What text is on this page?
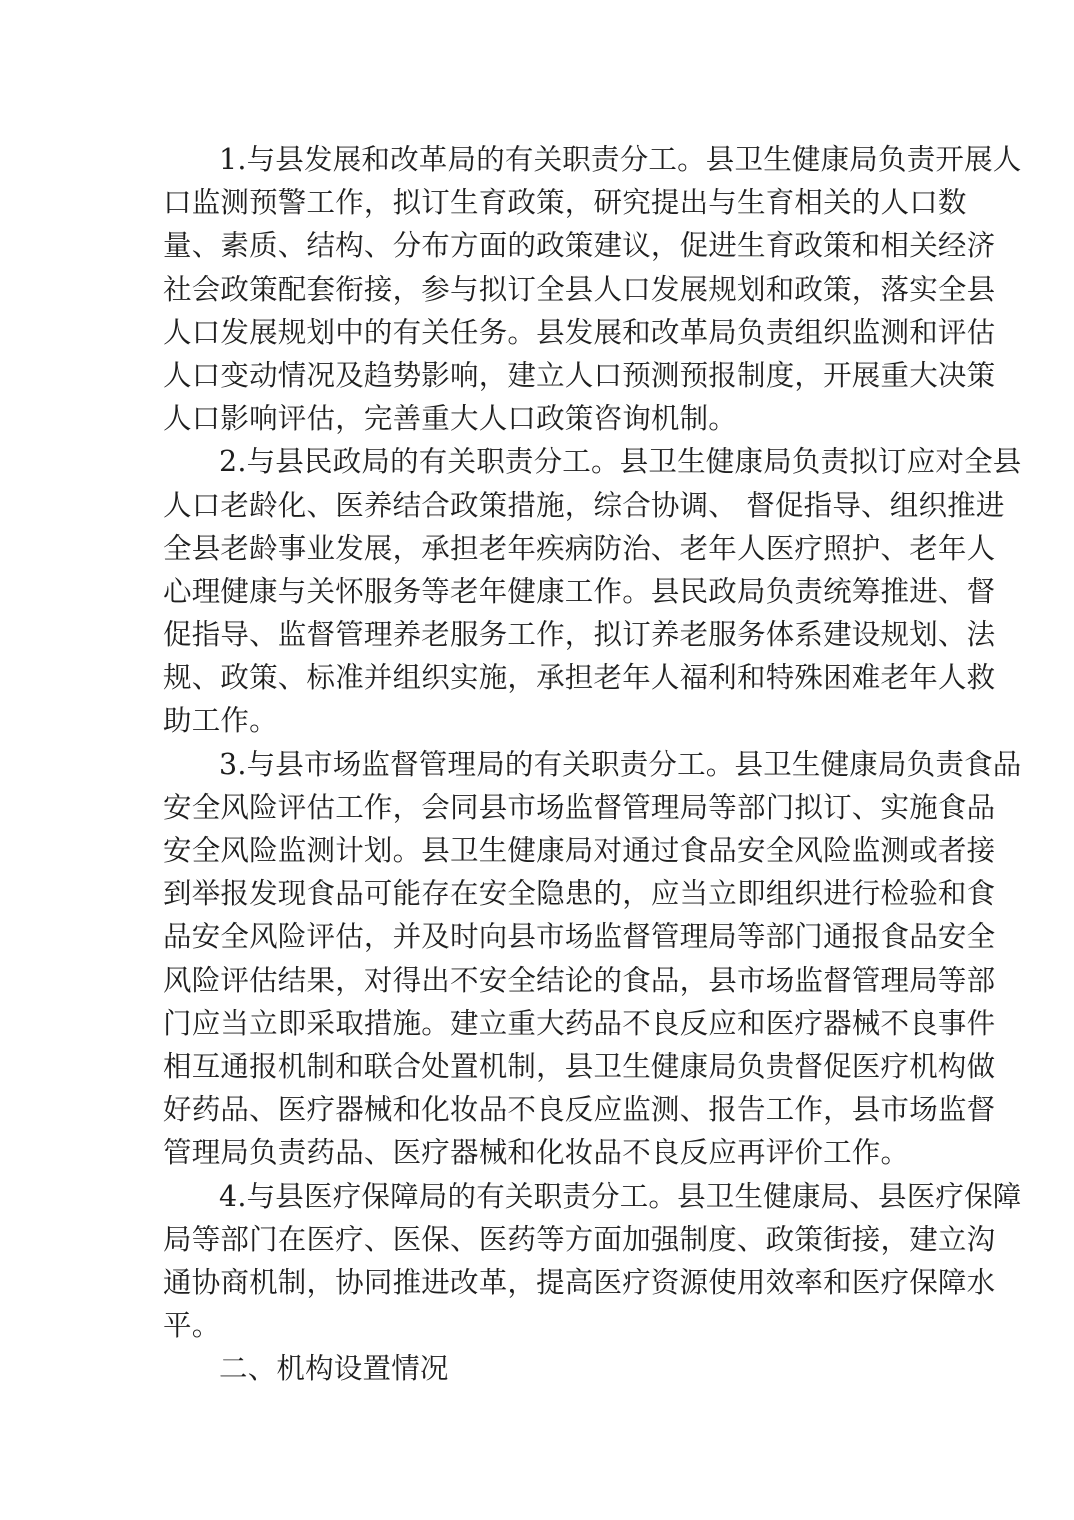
1.与县发展和改革局的有关职责分工。县卫生健康局负责开展人
口监测预警工作，拟订生育政策，研究提出与生育相关的人口数
量、素质、结构、分布方面的政策建议，促进生育政策和相关经济
社会政策配套衔接，参与拟订全县人口发展规划和政策，落实全县
人口发展规划中的有关任务。县发展和改革局负责组织监测和评估
人口变动情况及趋势影响，建立人口预测预报制度，开展重大决策
人口影响评估，完善重大人口政策咨询机制。
2.与县民政局的有关职责分工。县卫生健康局负责拟订应对全县
人口老龄化、医养结合政策措施，综合协调、 督促指导、组织推进
全县老龄事业发展，承担老年疾病防治、老年人医疗照护、老年人
心理健康与关怀服务等老年健康工作。县民政局负责统筹推进、督
促指导、监督管理养老服务工作，拟订养老服务体系建设规划、法
规、政策、标准并组织实施，承担老年人福利和特殊困难老年人救
助工作。
3.与县市场监督管理局的有关职责分工。县卫生健康局负责食品
安全风险评估工作，会同县市场监督管理局等部门拟订、实施食品
安全风险监测计划。县卫生健康局对通过食品安全风险监测或者接
到举报发现食品可能存在安全隐患的，应当立即组织进行检验和食
品安全风险评估，并及时向县市场监督管理局等部门通报食品安全
风险评估结果，对得出不安全结论的食品，县市场监督管理局等部
门应当立即采取措施。建立重大药品不良反应和医疗器械不良事件
相互通报机制和联合处置机制，县卫生健康局负贵督促医疗机构做
好药品、医疗器械和化妆品不良反应监测、报告工作，县市场监督
管理局负责药品、医疗器械和化妆品不良反应再评价工作。
4.与县医疗保障局的有关职责分工。县卫生健康局、县医疗保障
局等部门在医疗、医保、医药等方面加强制度、政策街接，建立沟
通协商机制，协同推进改革，提高医疗资源使用效率和医疗保障水
平。
二、机构设置情况
